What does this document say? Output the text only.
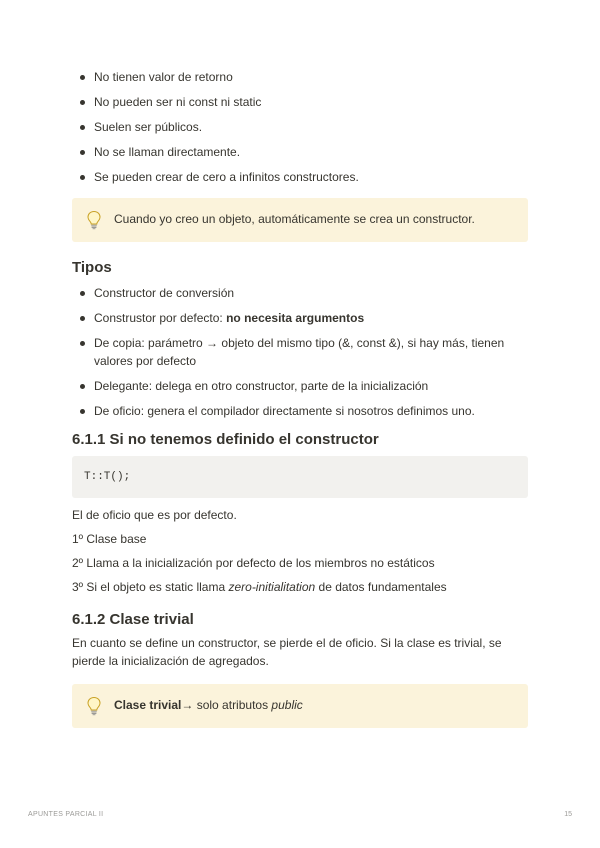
No tienen valor de retorno
No pueden ser ni const ni static
Suelen ser públicos.
No se llaman directamente.
Se pueden crear de cero a infinitos constructores.
Cuando yo creo un objeto, automáticamente se crea un constructor.
Tipos
Constructor de conversión
Construstor por defecto: no necesita argumentos
De copia: parámetro → objeto del mismo tipo (&, const &), si hay más, tienen valores por defecto
Delegante: delega en otro constructor, parte de la inicialización
De oficio: genera el compilador directamente si nosotros definimos uno.
6.1.1 Si no tenemos definido el constructor
T::T();

El de oficio que es por defecto.

1º Clase base

2º Llama a la inicialización por defecto de los miembros no estáticos

3º Si el objeto es static llama zero-initialitation de datos fundamentales

6.1.2 Clase trivial

En cuanto se define un constructor, se pierde el de oficio. Si la clase es trivial, se pierde la inicialización de agregados.

Clase trivial→ solo atributos public
APUNTES PARCIAL II	15
